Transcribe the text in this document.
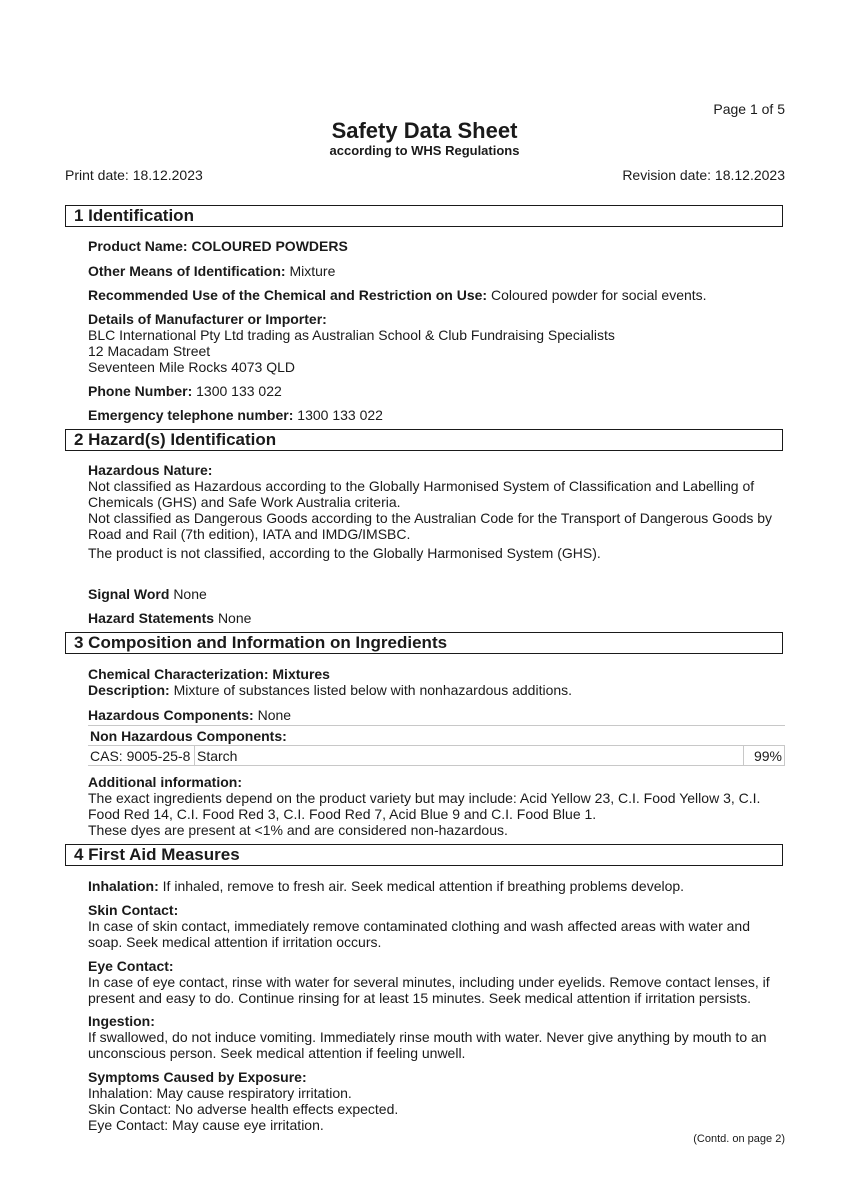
Page 1 of 5
Safety Data Sheet
according to WHS Regulations
Print date: 18.12.2023	Revision date: 18.12.2023
1 Identification
Product Name: COLOURED POWDERS
Other Means of Identification: Mixture
Recommended Use of the Chemical and Restriction on Use: Coloured powder for social events.
Details of Manufacturer or Importer:
BLC International Pty Ltd trading as Australian School & Club Fundraising Specialists
12 Macadam Street
Seventeen Mile Rocks 4073 QLD
Phone Number: 1300 133 022
Emergency telephone number: 1300 133 022
2 Hazard(s) Identification
Hazardous Nature:
Not classified as Hazardous according to the Globally Harmonised System of Classification and Labelling of Chemicals (GHS) and Safe Work Australia criteria.
Not classified as Dangerous Goods according to the Australian Code for the Transport of Dangerous Goods by Road and Rail (7th edition), IATA and IMDG/IMSBC.
The product is not classified, according to the Globally Harmonised System (GHS).
Signal Word None
Hazard Statements None
3 Composition and Information on Ingredients
Chemical Characterization: Mixtures
Description: Mixture of substances listed below with nonhazardous additions.
Hazardous Components: None
Non Hazardous Components:
CAS: 9005-25-8	Starch	99%
Additional information:
The exact ingredients depend on the product variety but may include: Acid Yellow 23, C.I. Food Yellow 3, C.I. Food Red 14, C.I. Food Red 3, C.I. Food Red 7, Acid Blue 9 and C.I. Food Blue 1.
These dyes are present at <1% and are considered non-hazardous.
4 First Aid Measures
Inhalation: If inhaled, remove to fresh air. Seek medical attention if breathing problems develop.
Skin Contact:
In case of skin contact, immediately remove contaminated clothing and wash affected areas with water and soap. Seek medical attention if irritation occurs.
Eye Contact:
In case of eye contact, rinse with water for several minutes, including under eyelids. Remove contact lenses, if present and easy to do. Continue rinsing for at least 15 minutes. Seek medical attention if irritation persists.
Ingestion:
If swallowed, do not induce vomiting. Immediately rinse mouth with water. Never give anything by mouth to an unconscious person. Seek medical attention if feeling unwell.
Symptoms Caused by Exposure:
Inhalation: May cause respiratory irritation.
Skin Contact: No adverse health effects expected.
Eye Contact: May cause eye irritation.
(Contd. on page 2)
